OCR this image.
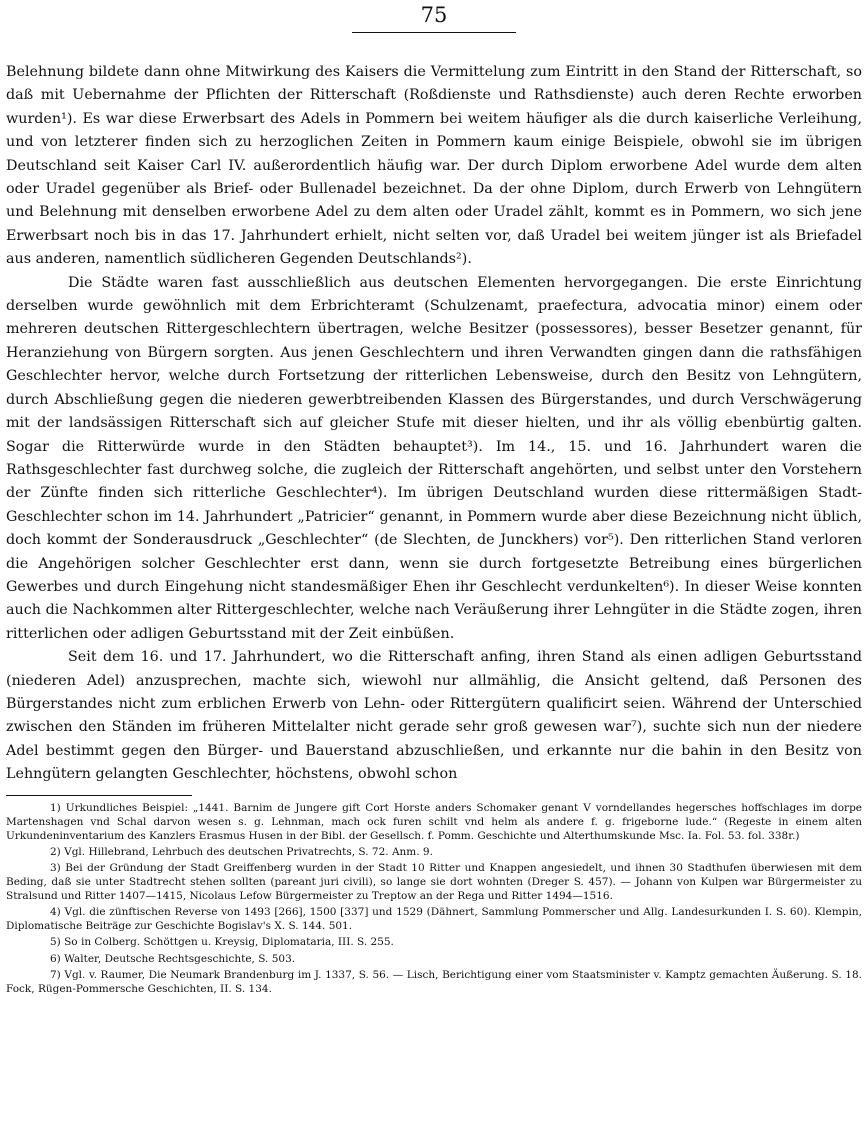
75

Belehnung bildete dann ohne Mitwirkung des Kaisers die Vermittelung zum Eintritt in den Stand der Ritterschaft, so daß mit Uebernahme der Pflichten der Ritterschaft (Roßdienste und Rathsdienste) auch deren Rechte erworben wurden¹). Es war diese Erwerbsart des Adels in Pommern bei weitem häufiger als die durch kaiserliche Verleihung, und von letzterer finden sich zu herzoglichen Zeiten in Pommern kaum einige Beispiele, obwohl sie im übrigen Deutschland seit Kaiser Carl IV. außerordentlich häufig war. Der durch Diplom erworbene Adel wurde dem alten oder Uradel gegenüber als Brief- oder Bullenadel bezeichnet. Da der ohne Diplom, durch Erwerb von Lehngütern und Belehnung mit denselben erworbene Adel zu dem alten oder Uradel zählt, kommt es in Pommern, wo sich jene Erwerbsart noch bis in das 17. Jahrhundert erhielt, nicht selten vor, daß Uradel bei weitem jünger ist als Briefadel aus anderen, namentlich südlicheren Gegenden Deutschlands²).

Die Städte waren fast ausschließlich aus deutschen Elementen hervorgegangen. Die erste Einrichtung derselben wurde gewöhnlich mit dem Erbrichteramt (Schulzenamt, praefectura, advocatia minor) einem oder mehreren deutschen Rittergeschlechtern übertragen, welche Besitzer (possessores), besser Besetzer genannt, für Heranziehung von Bürgern sorgten. Aus jenen Geschlechtern und ihren Verwandten gingen dann die rathsfähigen Geschlechter hervor, welche durch Fortsetzung der ritterlichen Lebensweise, durch den Besitz von Lehngütern, durch Abschließung gegen die niederen gewerbtreibenden Klassen des Bürgerstandes, und durch Verschwägerung mit der landsässigen Ritterschaft sich auf gleicher Stufe mit dieser hielten, und ihr als völlig ebenbürtig galten. Sogar die Ritterwürde wurde in den Städten behauptet³). Im 14., 15. und 16. Jahrhundert waren die Rathsgeschlechter fast durchweg solche, die zugleich der Ritterschaft angehörten, und selbst unter den Vorstehern der Zünfte finden sich ritterliche Geschlechter⁴). Im übrigen Deutschland wurden diese rittermäßigen Stadt-Geschlechter schon im 14. Jahrhundert „Patricier“ genannt, in Pommern wurde aber diese Bezeichnung nicht üblich, doch kommt der Sonderausdruck „Geschlechter“ (de Slechten, de Junckhers) vor⁵). Den ritterlichen Stand verloren die Angehörigen solcher Geschlechter erst dann, wenn sie durch fortgesetzte Betreibung eines bürgerlichen Gewerbes und durch Eingehung nicht standesmäßiger Ehen ihr Geschlecht verdunkelten⁶). In dieser Weise konnten auch die Nachkommen alter Rittergeschlechter, welche nach Veräußerung ihrer Lehngüter in die Städte zogen, ihren ritterlichen oder adligen Geburtsstand mit der Zeit einbüßen.

Seit dem 16. und 17. Jahrhundert, wo die Ritterschaft anfing, ihren Stand als einen adligen Geburtsstand (niederen Adel) anzusprechen, machte sich, wiewohl nur allmählig, die Ansicht geltend, daß Personen des Bürgerstandes nicht zum erblichen Erwerb von Lehn- oder Rittergütern qualificirt seien. Während der Unterschied zwischen den Ständen im früheren Mittelalter nicht gerade sehr groß gewesen war⁷), suchte sich nun der niedere Adel bestimmt gegen den Bürger- und Bauerstand abzuschließen, und erkannte nur die bahin in den Besitz von Lehngütern gelangten Geschlechter, höchstens, obwohl schon

1) Urkundliches Beispiel: „1441. Barnim de Jungere gift Cort Horste anders Schomaker genant V vorndellandes hegersches hoffschlages im dorpe Martenshagen vnd Schal darvon wesen s. g. Lehnman, mach ock furen schilt vnd helm als andere f. g. frigeborne lude.“ (Regeste in einem alten Urkundeninventarium des Kanzlers Erasmus Husen in der Bibl. der Gesellsch. f. Pomm. Geschichte und Alterthumskunde Msc. Ia. Fol. 53. fol. 338r.)

2) Vgl. Hillebrand, Lehrbuch des deutschen Privatrechts, S. 72. Anm. 9.

3) Bei der Gründung der Stadt Greiffenberg wurden in der Stadt 10 Ritter und Knappen angesiedelt, und ihnen 30 Stadthufen überwiesen mit dem Beding, daß sie unter Stadtrecht stehen sollten (pareant juri civili), so lange sie dort wohnten (Dreger S. 457). — Johann von Kulpen war Bürgermeister zu Stralsund und Ritter 1407—1415, Nicolaus Lefow Bürgermeister zu Treptow an der Rega und Ritter 1494—1516.

4) Vgl. die zünftischen Reverse von 1493 [266], 1500 [337] und 1529 (Dähnert, Sammlung Pommerscher und Allg. Landesurkunden I. S. 60). Klempin, Diplomatische Beiträge zur Geschichte Bogislav's X. S. 144. 501.

5) So in Colberg. Schöttgen u. Kreysig, Diplomataria, III. S. 255.

6) Walter, Deutsche Rechtsgeschichte, S. 503.

7) Vgl. v. Raumer, Die Neumark Brandenburg im J. 1337, S. 56. — Lisch, Berichtigung einer vom Staatsminister v. Kamptz gemachten Äußerung. S. 18. Fock, Rügen-Pommersche Geschichten, II. S. 134.
